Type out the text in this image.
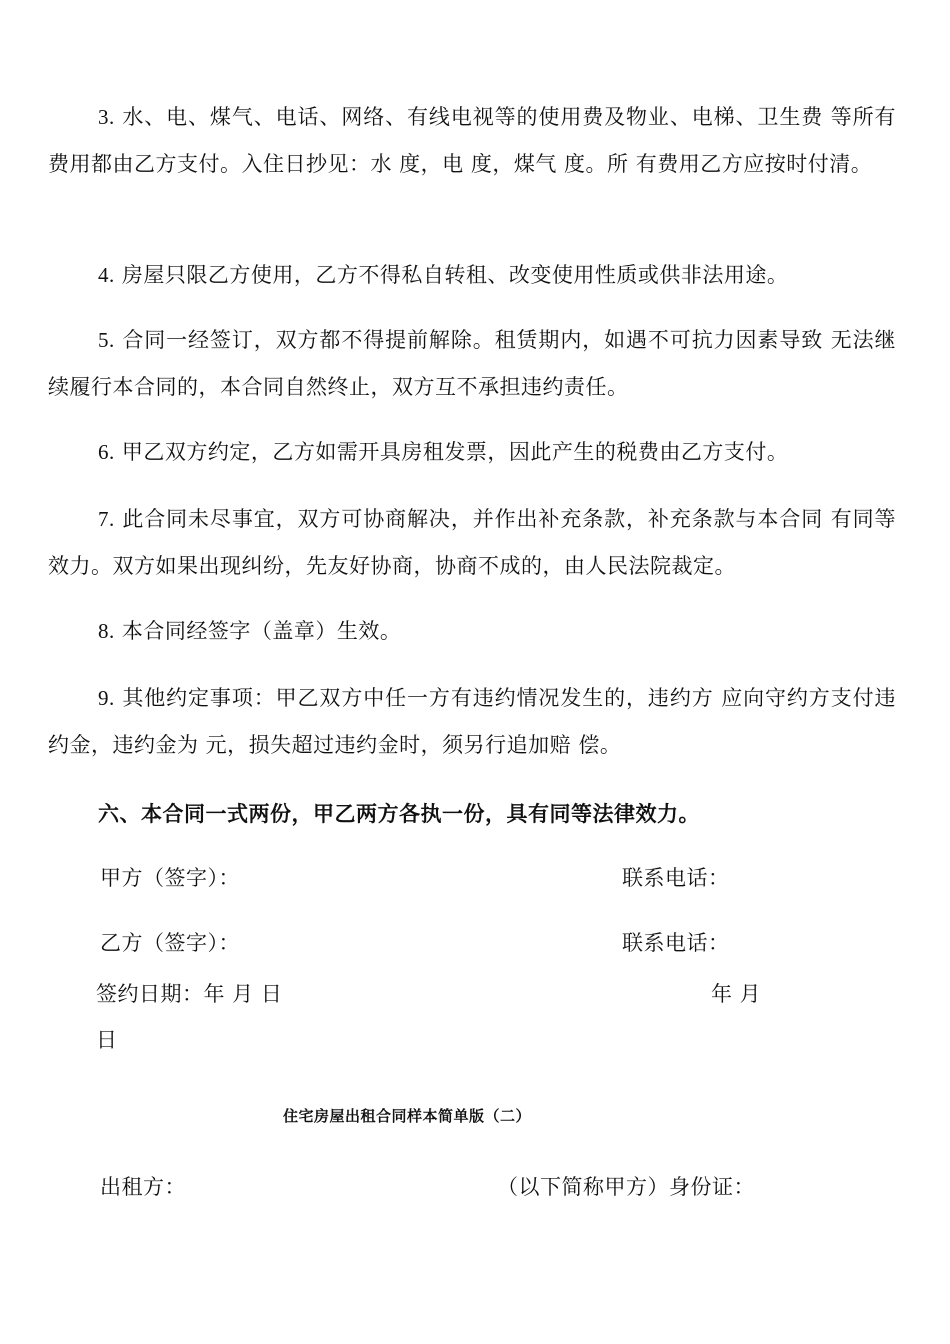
3. 水、电、煤气、电话、网络、有线电视等的使用费及物业、电梯、卫生费 等所有费用都由乙方支付。入住日抄见：水 度，电 度，煤气 度。所 有费用乙方应按时付清。

4. 房屋只限乙方使用，乙方不得私自转租、改变使用性质或供非法用途。

5. 合同一经签订，双方都不得提前解除。租赁期内，如遇不可抗力因素导致 无法继续履行本合同的，本合同自然终止，双方互不承担违约责任。

6. 甲乙双方约定，乙方如需开具房租发票，因此产生的税费由乙方支付。

7. 此合同未尽事宜，双方可协商解决，并作出补充条款，补充条款与本合同 有同等效力。双方如果出现纠纷，先友好协商，协商不成的，由人民法院裁定。

8. 本合同经签字（盖章）生效。

9. 其他约定事项：甲乙双方中任一方有违约情况发生的，违约方 应向守约方支付违约金，违约金为 元，损失超过违约金时，须另行追加赔 偿。

六、本合同一式两份，甲乙两方各执一份，具有同等法律效力。

甲方（签字）：	联系电话：

乙方（签字）：	联系电话：

签约日期：年 月 日	年 月

日

住宅房屋出租合同样本简单版（二）

出租方：	（以下简称甲方）身份证：
